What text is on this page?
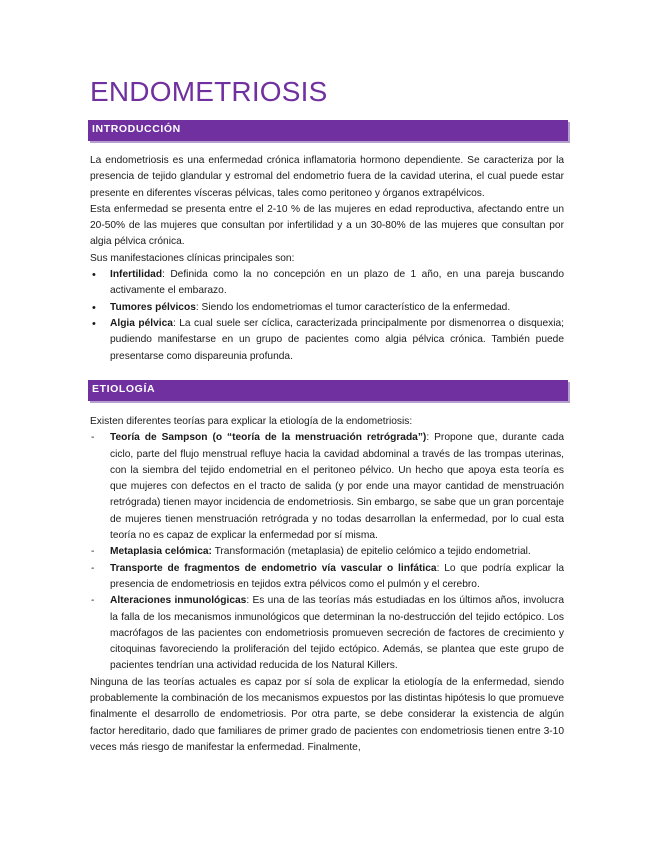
ENDOMETRIOSIS
INTRODUCCIÓN

La endometriosis es una enfermedad crónica inflamatoria hormono dependiente. Se caracteriza por la presencia de tejido glandular y estromal del endometrio fuera de la cavidad uterina, el cual puede estar presente en diferentes vísceras pélvicas, tales como peritoneo y órganos extrapélvicos.

Esta enfermedad se presenta entre el 2-10 % de las mujeres en edad reproductiva, afectando entre un 20-50% de las mujeres que consultan por infertilidad y a un 30-80% de las mujeres que consultan por algia pélvica crónica.

Sus manifestaciones clínicas principales son:

• Infertilidad: Definida como la no concepción en un plazo de 1 año, en una pareja buscando activamente el embarazo.
• Tumores pélvicos: Siendo los endometriomas el tumor característico de la enfermedad.
• Algia pélvica: La cual suele ser cíclica, caracterizada principalmente por dismenorrea o disquexia; pudiendo manifestarse en un grupo de pacientes como algia pélvica crónica. También puede presentarse como dispareunia profunda.
ETIOLOGÍA

Existen diferentes teorías para explicar la etiología de la endometriosis:

- Teoría de Sampson (o “teoría de la menstruación retrógrada”): Propone que, durante cada ciclo, parte del flujo menstrual refluye hacia la cavidad abdominal a través de las trompas uterinas, con la siembra del tejido endometrial en el peritoneo pélvico. Un hecho que apoya esta teoría es que mujeres con defectos en el tracto de salida (y por ende una mayor cantidad de menstruación retrógrada) tienen mayor incidencia de endometriosis. Sin embargo, se sabe que un gran porcentaje de mujeres tienen menstruación retrógrada y no todas desarrollan la enfermedad, por lo cual esta teoría no es capaz de explicar la enfermedad por sí misma.
- Metaplasia celómica: Transformación (metaplasia) de epitelio celómico a tejido endometrial.
- Transporte de fragmentos de endometrio vía vascular o linfática: Lo que podría explicar la presencia de endometriosis en tejidos extra pélvicos como el pulmón y el cerebro.
- Alteraciones inmunológicas: Es una de las teorías más estudiadas en los últimos años, involucra la falla de los mecanismos inmunológicos que determinan la no-destrucción del tejido ectópico. Los macrófagos de las pacientes con endometriosis promueven secreción de factores de crecimiento y citoquinas favoreciendo la proliferación del tejido ectópico. Además, se plantea que este grupo de pacientes tendrían una actividad reducida de los Natural Killers.

Ninguna de las teorías actuales es capaz por sí sola de explicar la etiología de la enfermedad, siendo probablemente la combinación de los mecanismos expuestos por las distintas hipótesis lo que promueve finalmente el desarrollo de endometriosis. Por otra parte, se debe considerar la existencia de algún factor hereditario, dado que familiares de primer grado de pacientes con endometriosis tienen entre 3-10 veces más riesgo de manifestar la enfermedad. Finalmente,
